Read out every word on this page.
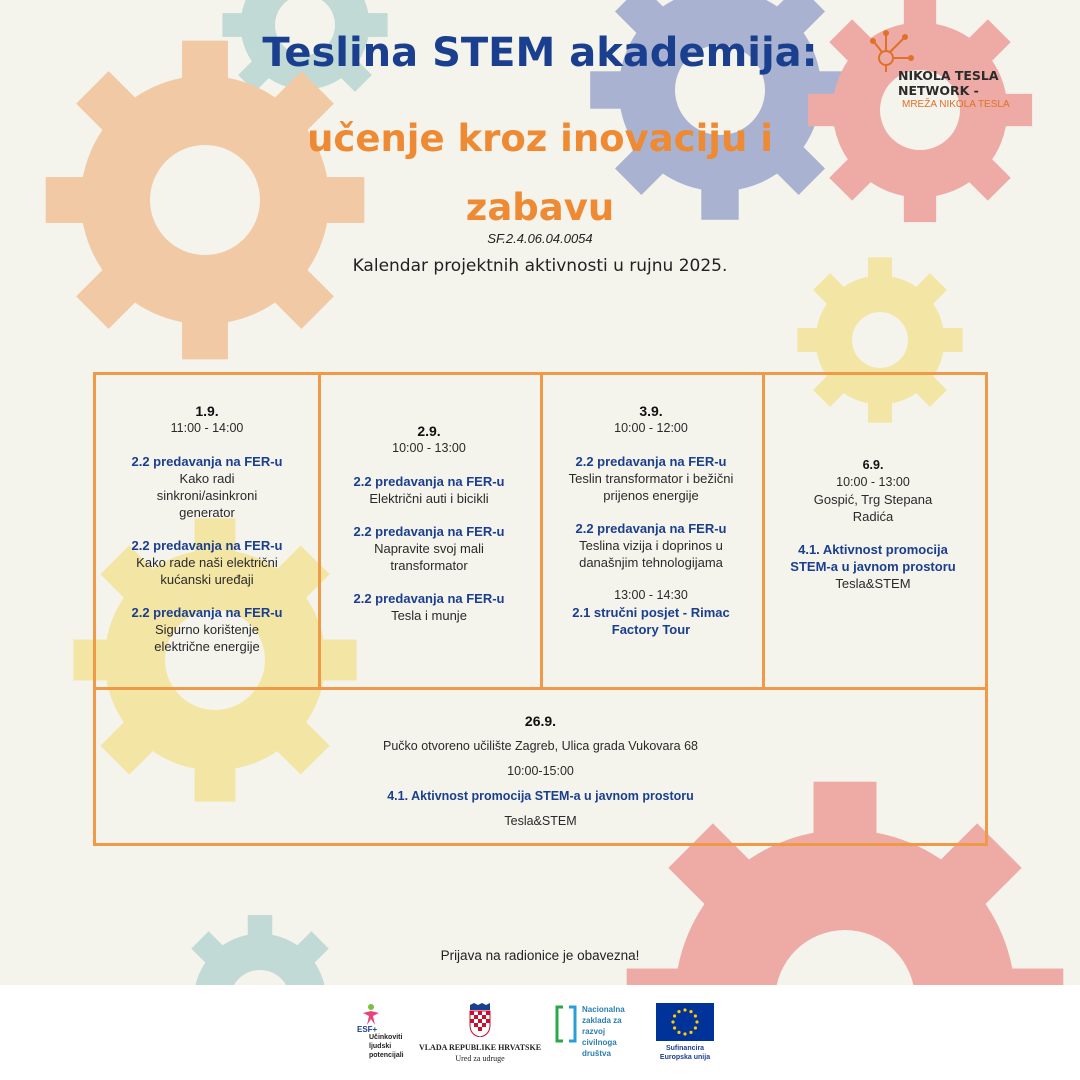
NIKOLA TESLA
NETWORK -
MREŽA NIKOLA TESLA
Teslina STEM akademija:
učenje kroz inovaciju i zabavu
SF.2.4.06.04.0054
Kalendar projektnih aktivnosti u rujnu 2025.
1.9.
11:00 - 14:00
2.2 predavanja na FER-u
Kako radi sinkroni/asinkroni generator
2.2 predavanja na FER-u
Kako rade naši električni kućanski uređaji
2.2 predavanja na FER-u
Sigurno korištenje električne energije
2.9.
10:00 - 13:00
2.2 predavanja na FER-u
Električni auti i bicikli
2.2 predavanja na FER-u
Napravite svoj mali transformator
2.2 predavanja na FER-u
Tesla i munje
3.9.
10:00 - 12:00
2.2 predavanja na FER-u
Teslin transformator i bežični prijenos energije
2.2 predavanja na FER-u
Teslina vizija i doprinos u današnjim tehnologijama
13:00 - 14:30
2.1 stručni posjet - Rimac Factory Tour
6.9.
10:00 - 13:00
Gospić, Trg Stepana Radića
4.1. Aktivnost promocija STEM-a u javnom prostoru
Tesla&STEM
26.9.
Pučko otvoreno učilište Zagreb, Ulica grada Vukovara 68
10:00-15:00
4.1. Aktivnost promocija STEM-a u javnom prostoru
Tesla&STEM
Prijava na radionice je obavezna!
ESF+
Učinkoviti
ljudski
potencijali
VLADA REPUBLIKE HRVATSKE
Ured za udruge
Nacionalna
zaklada za
razvoj
civilnoga
društva
Sufinancira
Europska unija
